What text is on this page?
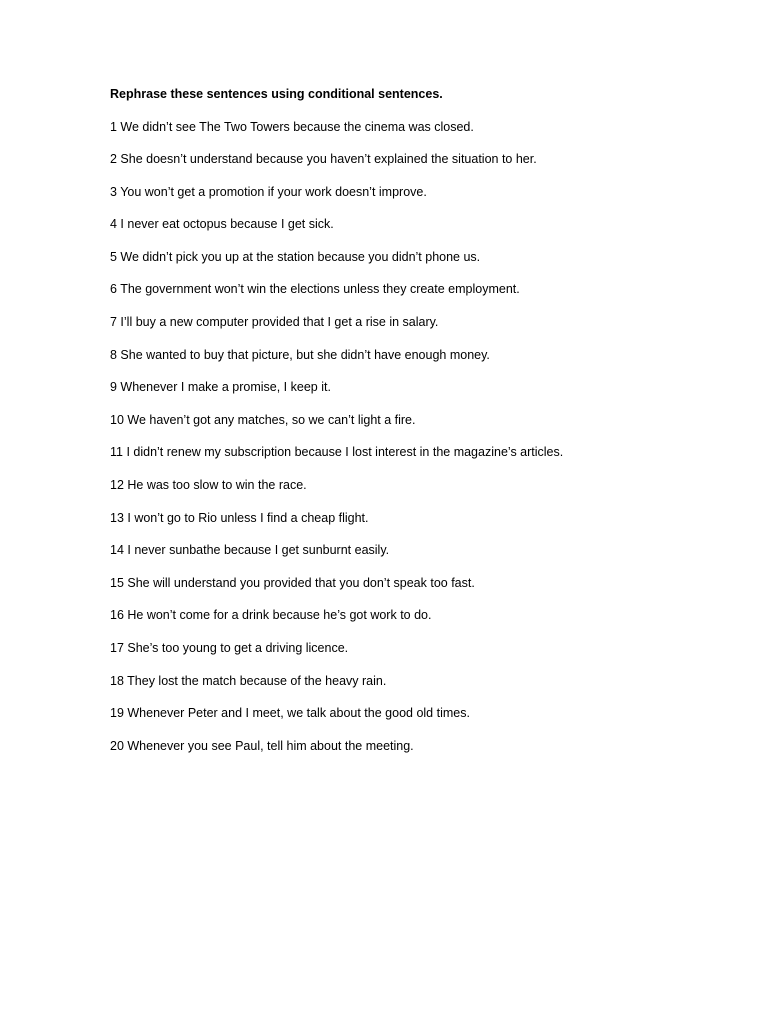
Rephrase these sentences using conditional sentences.
1 We didn’t see The Two Towers because the cinema was closed.
2 She doesn’t understand because you haven’t explained the situation to her.
3 You won’t get a promotion if your work doesn’t improve.
4 I never eat octopus because I get sick.
5 We didn’t pick you up at the station because you didn’t phone us.
6 The government won’t win the elections unless they create employment.
7 I’ll buy a new computer provided that I get a rise in salary.
8 She wanted to buy that picture, but she didn’t have enough money.
9 Whenever I make a promise, I keep it.
10 We haven’t got any matches, so we can’t light a fire.
11 I didn’t renew my subscription because I lost interest in the magazine’s articles.
12 He was too slow to win the race.
13 I won’t go to Rio unless I find a cheap flight.
14 I never sunbathe because I get sunburnt easily.
15 She will understand you provided that you don’t speak too fast.
16 He won’t come for a drink because he’s got work to do.
17 She’s too young to get a driving licence.
18 They lost the match because of the heavy rain.
19 Whenever Peter and I meet, we talk about the good old times.
20 Whenever you see Paul, tell him about the meeting.
